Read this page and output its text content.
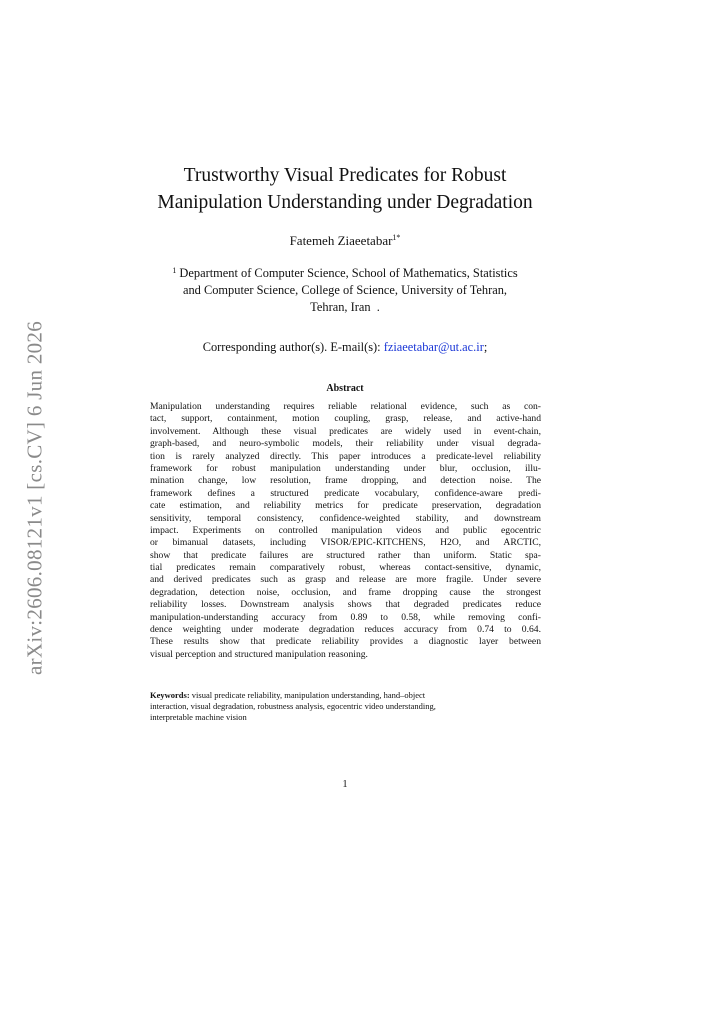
arXiv:2606.08121v1 [cs.CV] 6 Jun 2026
Trustworthy Visual Predicates for Robust
Manipulation Understanding under Degradation
Fatemeh Ziaeetabar$^{1*}$
$^1$ Department of Computer Science, School of Mathematics, Statistics
and Computer Science, College of Science, University of Tehran,
Tehran, Iran  .
Corresponding author(s). E-mail(s): fziaeetabar@ut.ac.ir;
Abstract
Manipulation understanding requires reliable relational evidence, such as con-
tact, support, containment, motion coupling, grasp, release, and active-hand
involvement. Although these visual predicates are widely used in event-chain,
graph-based, and neuro-symbolic models, their reliability under visual degrada-
tion is rarely analyzed directly. This paper introduces a predicate-level reliability
framework for robust manipulation understanding under blur, occlusion, illu-
mination change, low resolution, frame dropping, and detection noise. The
framework defines a structured predicate vocabulary, confidence-aware predi-
cate estimation, and reliability metrics for predicate preservation, degradation
sensitivity, temporal consistency, confidence-weighted stability, and downstream
impact. Experiments on controlled manipulation videos and public egocentric
or bimanual datasets, including VISOR/EPIC-KITCHENS, H2O, and ARCTIC,
show that predicate failures are structured rather than uniform. Static spa-
tial predicates remain comparatively robust, whereas contact-sensitive, dynamic,
and derived predicates such as grasp and release are more fragile. Under severe
degradation, detection noise, occlusion, and frame dropping cause the strongest
reliability losses. Downstream analysis shows that degraded predicates reduce
manipulation-understanding accuracy from 0.89 to 0.58, while removing confi-
dence weighting under moderate degradation reduces accuracy from 0.74 to 0.64.
These results show that predicate reliability provides a diagnostic layer between
visual perception and structured manipulation reasoning.
Keywords: visual predicate reliability, manipulation understanding, hand–object
interaction, visual degradation, robustness analysis, egocentric video understanding,
interpretable machine vision
1
